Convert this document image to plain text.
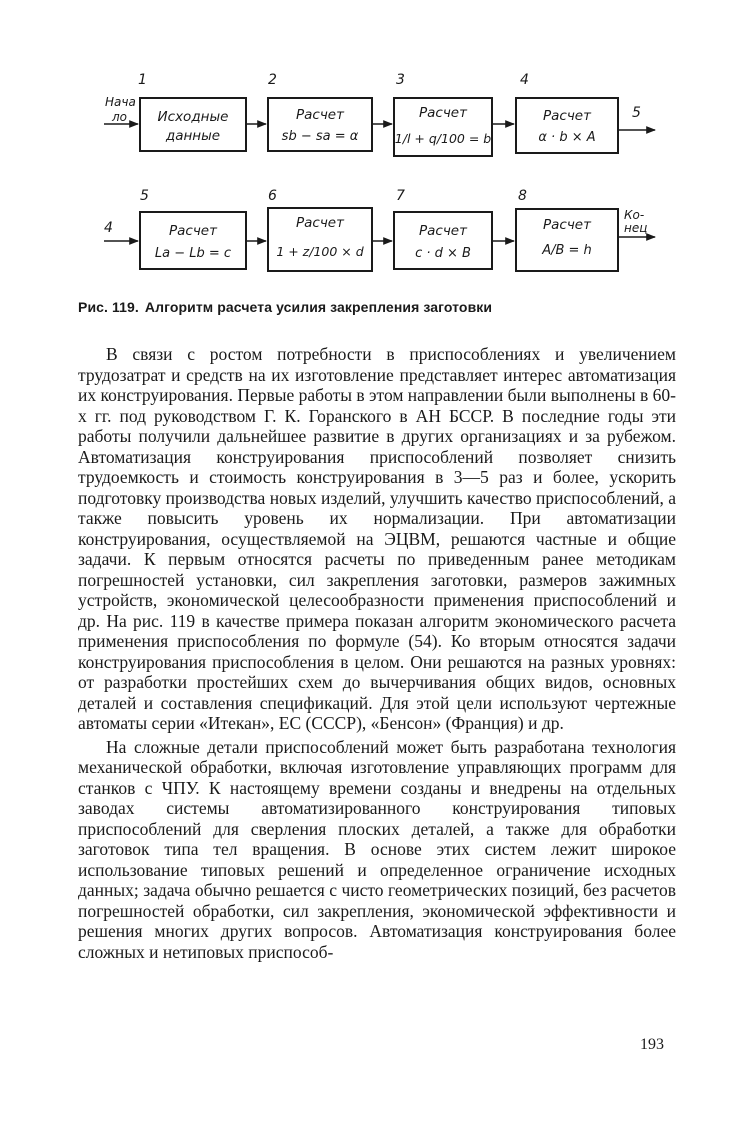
Нача
ло
1
Исходные
данные
2
Расчет
sb − sa = α
3
Расчет
1/l + q/100 = b
4
Расчет
α · b × A
5
4
5
Расчет
La − Lb = c
6
Расчет
1 + z/100 × d
7
Расчет
c · d × B
8
Расчет
A/B = h
Ко-
нец
Рис. 119. Алгоритм расчета усилия закрепления заготовки

В связи с ростом потребности в приспособлениях и увеличением трудозатрат и средств на их изготовление представляет интерес автоматизация их конструирования. Первые работы в этом направлении были выполнены в 60-х гг. под руководством Г. К. Горанского в АН БССР. В последние годы эти работы получили дальнейшее развитие в других организациях и за рубежом. Автоматизация конструирования приспособлений позволяет снизить трудоемкость и стоимость конструирования в 3—5 раз и более, ускорить подготовку производства новых изделий, улучшить качество приспособлений, а также повысить уровень их нормализации. При автоматизации конструирования, осуществляемой на ЭЦВМ, решаются частные и общие задачи. К первым относятся расчеты по приведенным ранее методикам погрешностей установки, сил закрепления заготовки, размеров зажимных устройств, экономической целесообразности применения приспособлений и др. На рис. 119 в качестве примера показан алгоритм экономического расчета применения приспособления по формуле (54). Ко вторым относятся задачи конструирования приспособления в целом. Они решаются на разных уровнях: от разработки простейших схем до вычерчивания общих видов, основных деталей и составления спецификаций. Для этой цели используют чертежные автоматы серии «Итекан», ЕС (СССР), «Бенсон» (Франция) и др.

На сложные детали приспособлений может быть разработана технология механической обработки, включая изготовление управляющих программ для станков с ЧПУ. К настоящему времени созданы и внедрены на отдельных заводах системы автоматизированного конструирования типовых приспособлений для сверления плоских деталей, а также для обработки заготовок типа тел вращения. В основе этих систем лежит широкое использование типовых решений и определенное ограничение исходных данных; задача обычно решается с чисто геометрических позиций, без расчетов погрешностей обработки, сил закрепления, экономической эффективности и решения многих других вопросов. Автоматизация конструирования более сложных и нетиповых приспособ-

193
